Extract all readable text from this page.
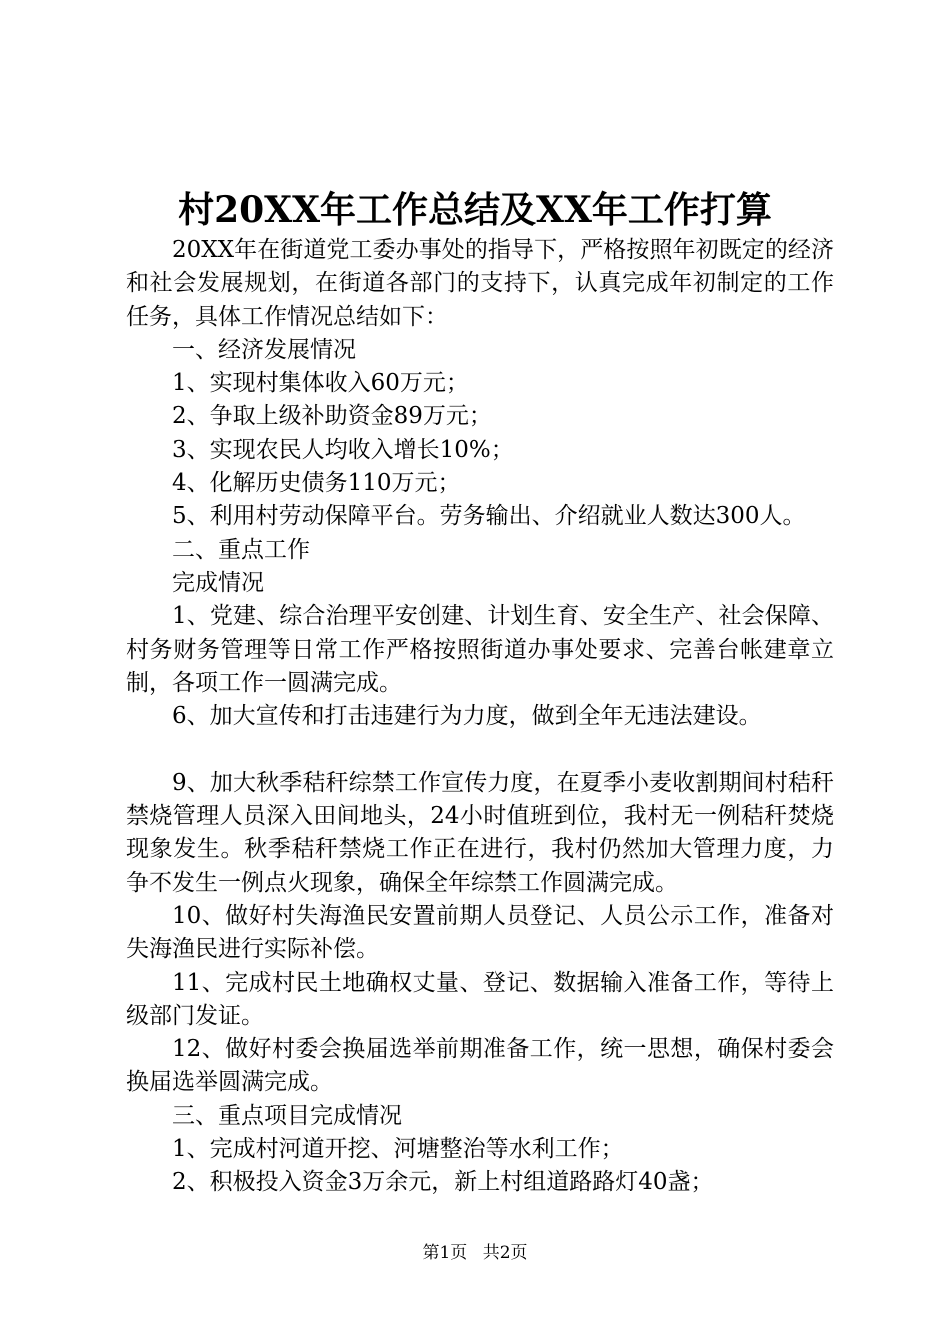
村20XX年工作总结及XX年工作打算

20XX年在街道党工委办事处的指导下，严格按照年初既定的经济和社会发展规划，在街道各部门的支持下，认真完成年初制定的工作任务，具体工作情况总结如下：

一、经济发展情况

1、实现村集体收入60万元；

2、争取上级补助资金89万元；

3、实现农民人均收入增长10%；

4、化解历史债务110万元；

5、利用村劳动保障平台。劳务输出、介绍就业人数达300人。

二、重点工作

完成情况

1、党建、综合治理平安创建、计划生育、安全生产、社会保障、村务财务管理等日常工作严格按照街道办事处要求、完善台帐建章立制，各项工作一圆满完成。

6、加大宣传和打击违建行为力度，做到全年无违法建设。

9、加大秋季秸秆综禁工作宣传力度，在夏季小麦收割期间村秸秆禁烧管理人员深入田间地头，24小时值班到位，我村无一例秸秆焚烧现象发生。秋季秸秆禁烧工作正在进行，我村仍然加大管理力度，力争不发生一例点火现象，确保全年综禁工作圆满完成。

10、做好村失海渔民安置前期人员登记、人员公示工作，准备对失海渔民进行实际补偿。

11、完成村民土地确权丈量、登记、数据输入准备工作，等待上级部门发证。

12、做好村委会换届选举前期准备工作，统一思想，确保村委会换届选举圆满完成。

三、重点项目完成情况

1、完成村河道开挖、河塘整治等水利工作；

2、积极投入资金3万余元，新上村组道路路灯40盏；

第1页 共2页
